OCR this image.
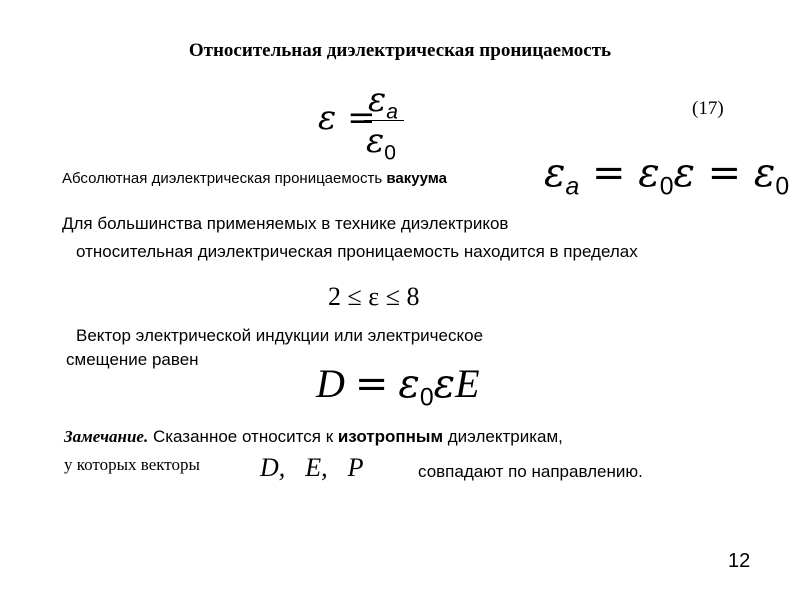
Относительная диэлектрическая проницаемость
ε =
$\varepsilon_a$
$\varepsilon_0$
(17)
Абсолютная диэлектрическая проницаемость вакуума $\varepsilon_a = \varepsilon_0\varepsilon = \varepsilon_0$
Для большинства применяемых в технике диэлектриков
относительная диэлектрическая проницаемость находится в пределах
2 ≤ ε ≤ 8
Вектор электрической индукции или электрическое
смещение равен
$D = \varepsilon_0\varepsilon E$
Замечание. Сказанное относится к изотропным диэлектрикам,
у которых векторы D, E, P	совпадают по направлению.
12
